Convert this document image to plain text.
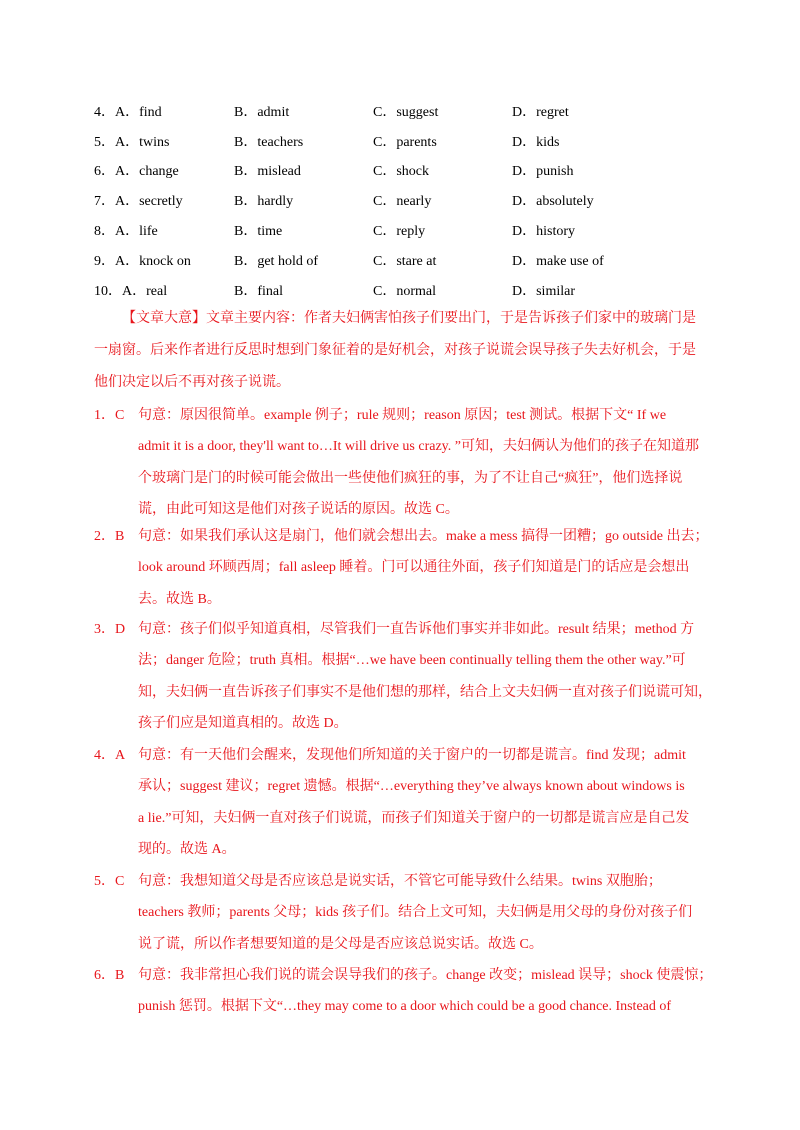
4．A．find	B．admit	C．suggest	D．regret
5．A．twins	B．teachers	C．parents	D．kids
6．A．change	B．mislead	C．shock	D．punish
7．A．secretly	B．hardly	C．nearly	D．absolutely
8．A．life	B．time	C．reply	D．history
9．A．knock on	B．get hold of	C．stare at	D．make use of
10．A．real	B．final	C．normal	D．similar

【文章大意】文章主要内容：作者夫妇俩害怕孩子们要出门，于是告诉孩子们家中的玻璃门是

一扇窗。后来作者进行反思时想到门象征着的是好机会，对孩子说谎会误导孩子失去好机会，于是

他们决定以后不再对孩子说谎。

1．C 句意：原因很简单。example 例子；rule 规则；reason 原因；test 测试。根据下文“ If we
admit it is a door, they'll want to…It will drive us crazy. ”可知，夫妇俩认为他们的孩子在知道那
个玻璃门是门的时候可能会做出一些使他们疯狂的事，为了不让自己“疯狂”，他们选择说
谎，由此可知这是他们对孩子说话的原因。故选 C。
2．B 句意：如果我们承认这是扇门，他们就会想出去。make a mess 搞得一团糟；go outside 出去；
look around 环顾西周；fall asleep 睡着。门可以通往外面，孩子们知道是门的话应是会想出
去。故选 B。
3．D 句意：孩子们似乎知道真相，尽管我们一直告诉他们事实并非如此。result 结果；method 方
法；danger 危险；truth 真相。根据“…we have been continually telling them the other way.”可
知，夫妇俩一直告诉孩子们事实不是他们想的那样，结合上文夫妇俩一直对孩子们说谎可知，
孩子们应是知道真相的。故选 D。
4．A 句意：有一天他们会醒来，发现他们所知道的关于窗户的一切都是谎言。find 发现；admit
承认；suggest 建议；regret 遗憾。根据“…everything they’ve always known about windows is
a lie.”可知，夫妇俩一直对孩子们说谎，而孩子们知道关于窗户的一切都是谎言应是自己发
现的。故选 A。
5．C 句意：我想知道父母是否应该总是说实话，不管它可能导致什么结果。twins 双胞胎；
teachers 教师；parents 父母；kids 孩子们。结合上文可知，夫妇俩是用父母的身份对孩子们
说了谎，所以作者想要知道的是父母是否应该总说实话。故选 C。
6．B 句意：我非常担心我们说的谎会误导我们的孩子。change 改变；mislead 误导；shock 使震惊；
punish 惩罚。根据下文“…they may come to a door which could be a good chance. Instead of
